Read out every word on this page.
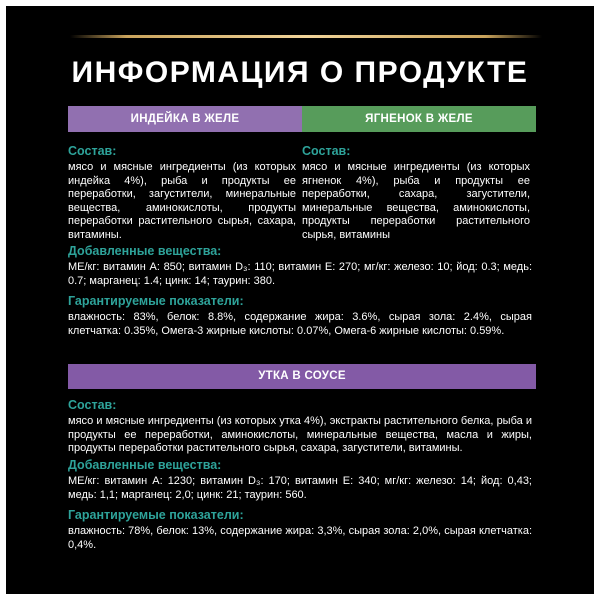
ИНФОРМАЦИЯ О ПРОДУКТЕ
ИНДЕЙКА В ЖЕЛЕ	ЯГНЕНОК В ЖЕЛЕ

Состав:

мясо и мясные ингредиенты (из которых индейка 4%), рыба и продукты ее переработки, загустители, минеральные вещества, аминокислоты, продукты переработки растительного сырья, сахара, витамины.

Состав:

мясо и мясные ингредиенты (из которых ягненок 4%), рыба и продукты ее переработки, сахара, загустители, минеральные вещества, аминокислоты, продукты переработки растительного сырья, витамины

Добавленные вещества:

МЕ/кг: витамин А: 850; витамин D₃: 110; витамин Е: 270; мг/кг: железо: 10; йод: 0.3; медь: 0.7; марганец: 1.4; цинк: 14; таурин: 380.

Гарантируемые показатели:

влажность: 83%, белок: 8.8%, содержание жира: 3.6%, сырая зола: 2.4%, сырая клетчатка: 0.35%, Омега-3 жирные кислоты: 0.07%, Омега-6 жирные кислоты: 0.59%.

УТКА В СОУСЕ

Состав:

мясо и мясные ингредиенты (из которых утка 4%), экстракты растительного белка, рыба и продукты ее переработки, аминокислоты, минеральные вещества, масла и жиры, продукты переработки растительного сырья, сахара, загустители, витамины.

Добавленные вещества:

МЕ/кг: витамин А: 1230; витамин D₃: 170; витамин Е: 340; мг/кг: железо: 14; йод: 0,43; медь: 1,1; марганец: 2,0; цинк: 21; таурин: 560.

Гарантируемые показатели:

влажность: 78%, белок: 13%, содержание жира: 3,3%, сырая зола: 2,0%, сырая клетчатка: 0,4%.
